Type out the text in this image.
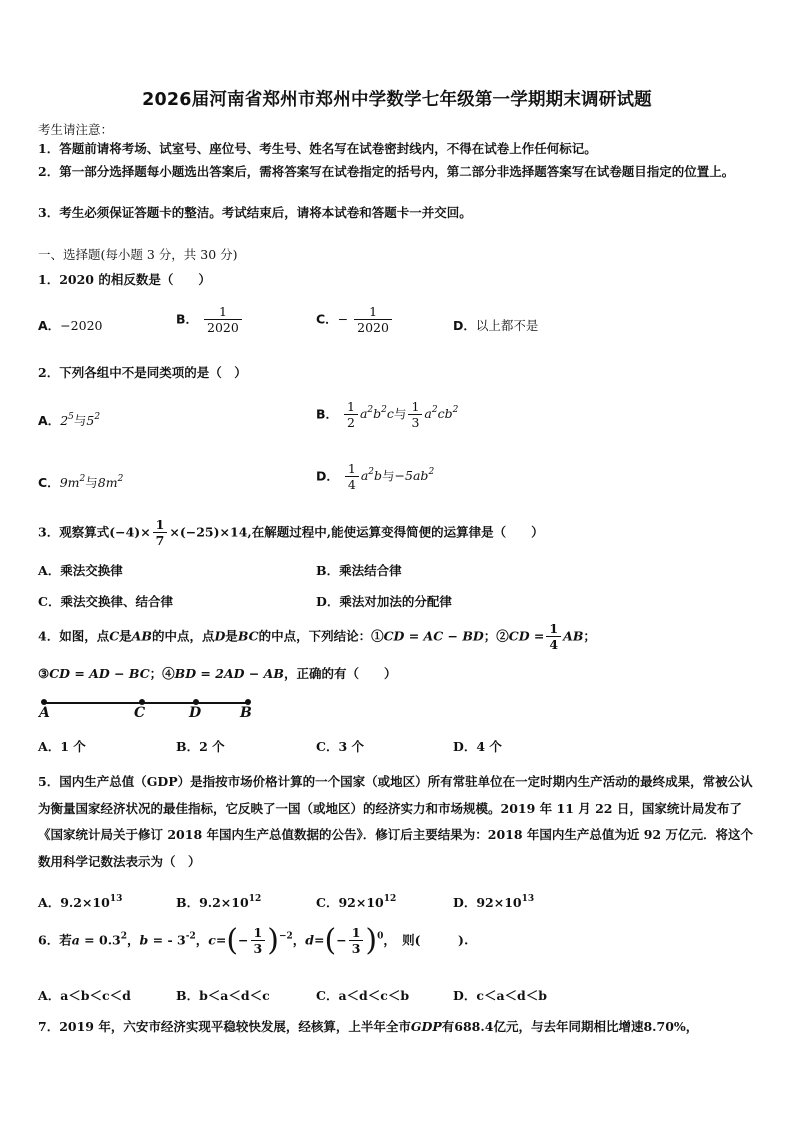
2026届河南省郑州市郑州中学数学七年级第一学期期末调研试题
考生请注意：
1．答题前请将考场、试室号、座位号、考生号、姓名写在试卷密封线内，不得在试卷上作任何标记。
2．第一部分选择题每小题选出答案后，需将答案写在试卷指定的括号内，第二部分非选择题答案写在试卷题目指定的位置上。
3．考生必须保证答题卡的整洁。考试结束后，请将本试卷和答题卡一并交回。
一、选择题(每小题 3 分，共 30 分)
1．2020 的相反数是（　　）
A．−2020	B． $\frac{1}{2020}$	C．− $\frac{1}{2020}$	D．以上都不是
2．下列各组中不是同类项的是（　）
A．$2^5$与$5^2$	B． $\frac{1}{2} a^2b^2c$与 $\frac{1}{3} a^2cb^2$
C．$9m^2$与$8m^2$	D． $\frac{1}{4} a^2b$与$-5ab^2$
3．观察算式$(-4)\times \frac{1}{7} \times(-25)\times 14$,在解题过程中,能使运算变得简便的运算律是（　　）
A．乘法交换律	B．乘法结合律
C．乘法交换律、结合律	D．乘法对加法的分配律
4．如图，点C是AB的中点，点D是BC的中点，下列结论：①CD = AC − BD；②CD = $\frac{1}{4}$ AB；
③CD = AD − BC；④BD = 2AD − AB，正确的有（　　）
A	C	D	B
A．1 个	B．2 个	C．3 个	D．4 个
5．国内生产总值（GDP）是指按市场价格计算的一个国家（或地区）所有常驻单位在一定时期内生产活动的最终成果，常被公认为衡量国家经济状况的最佳指标，它反映了一国（或地区）的经济实力和市场规模。2019 年 11 月 22 日，国家统计局发布了《国家统计局关于修订 2018 年国内生产总值数据的公告》．修订后主要结果为：2018 年国内生产总值为近 92 万亿元．将这个数用科学记数法表示为（　）
A．$9.2\times 10^{13}$	B．$9.2\times 10^{12}$	C．$92\times 10^{12}$	D．$92\times 10^{13}$
6．若$a = 0.3^2$，b = - $3^{-2}$，$c=(- \frac{1}{3} )^{-2}$，$d=(- \frac{1}{3} )^0$，　则(　　　).
A．a＜b＜c＜d	B．b＜a＜d＜c	C．a＜d＜c＜b	D．c＜a＜d＜b
7．2019 年，六安市经济实现平稳较快发展，经核算，上半年全市GDP有688.4亿元，与去年同期相比增速8.70%，
